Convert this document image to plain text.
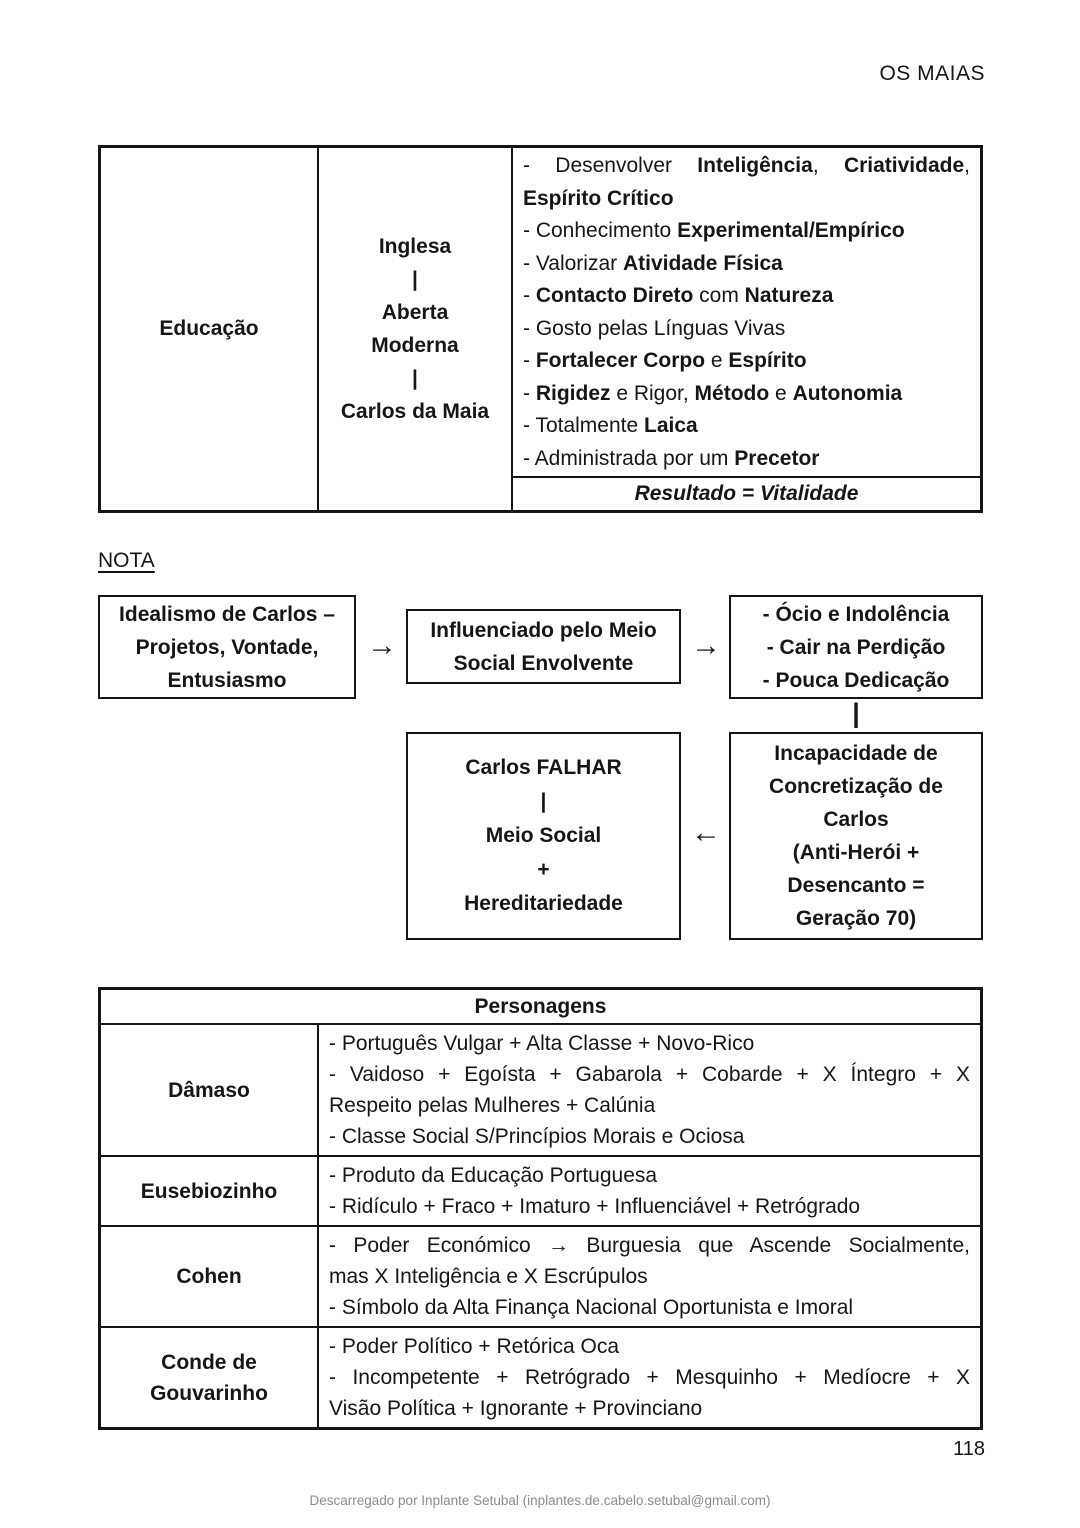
OS MAIAS
Educação
Inglesa
|
Aberta
Moderna
|
Carlos da Maia
- Desenvolver Inteligência, Criatividade,
Espírito Crítico
- Conhecimento Experimental/Empírico
- Valorizar Atividade Física
- Contacto Direto com Natureza
- Gosto pelas Línguas Vivas
- Fortalecer Corpo e Espírito
- Rigidez e Rigor, Método e Autonomia
- Totalmente Laica
- Administrada por um Precetor
Resultado = Vitalidade
NOTA
Idealismo de Carlos –
Projetos, Vontade,
Entusiasmo
→	Influenciado pelo Meio
Social Envolvente
→
- Ócio e Indolência
- Cair na Perdição
- Pouca Dedicação
|
Carlos FALHAR
|
Meio Social
+
Hereditariedade
←
Incapacidade de
Concretização de
Carlos
(Anti-Herói +
Desencanto =
Geração 70)
Personagens
Dâmaso
- Português Vulgar + Alta Classe + Novo-Rico
- Vaidoso + Egoísta + Gabarola + Cobarde + X Íntegro + X
Respeito pelas Mulheres + Calúnia
- Classe Social S/Princípios Morais e Ociosa
Eusebiozinho
- Produto da Educação Portuguesa
- Ridículo + Fraco + Imaturo + Influenciável + Retrógrado
Cohen
- Poder Económico → Burguesia que Ascende Socialmente,
mas X Inteligência e X Escrúpulos
- Símbolo da Alta Finança Nacional Oportunista e Imoral
Conde de Gouvarinho
- Poder Político + Retórica Oca
- Incompetente + Retrógrado + Mesquinho + Medíocre + X
Visão Política + Ignorante + Provinciano
118
Descarregado por Inplante Setubal (inplantes.de.cabelo.setubal@gmail.com)
